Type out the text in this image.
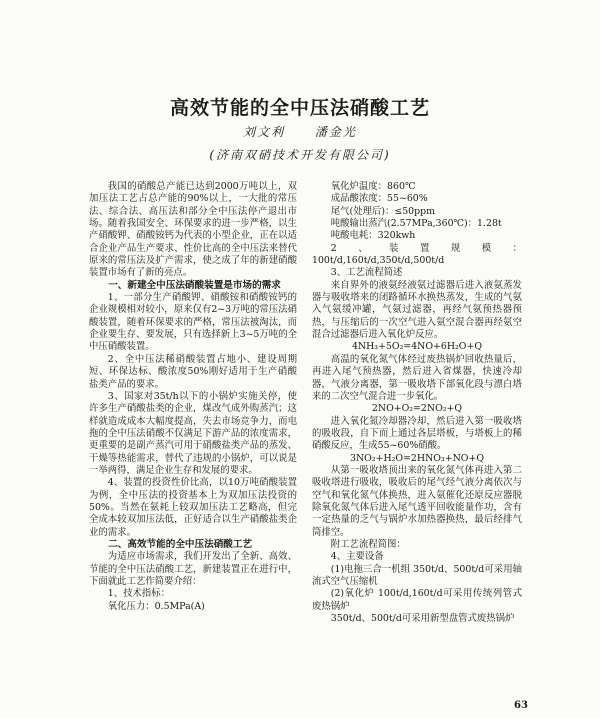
高效节能的全中压法硝酸工艺
刘文利 潘金光
(济南双硝技术开发有限公司)

我国的硝酸总产能已达到2000万吨以上，双加压法工艺占总产能的90%以上，一大批的常压法、综合法、高压法和部分全中压法停产退出市场。随着我国安全、环保要求的进一步严格，以生产硝酸钾、硝酸铵钙为代表的小型企业，正在以适合企业产品生产要求、性价比高的全中压法来替代原来的常压法及扩产需求，使之成了年的新建硝酸装置市场有了新的亮点。

一、新建全中压法硝酸装置是市场的需求

1、一部分生产硝酸钾、硝酸铵和硝酸铵钙的企业规模相对较小，原来仅有2~3万吨的常压法硝酸装置，随着环保要求的严格，常压法被淘汰，而企业要生存、要发展，只有选择新上3~5万吨的全中压硝酸装置。

2、全中压法稀硝酸装置占地小、建设周期短、环保达标、酸浓度50%刚好适用于生产硝酸盐类产品的要求。

3、国家对35t/h以下的小锅炉实施关停，使许多生产硝酸盐类的企业，煤改气成外购蒸汽；这样就造成成本大幅度提高，失去市场竞争力，而电拖的全中压法硝酸不仅满足下游产品的浓度需求，更重要的是副产蒸汽可用于硝酸盐类产品的蒸发、干燥等热能需求，替代了违规的小锅炉，可以说是一举两得，满足企业生存和发展的要求。

4、装置的投资性价比高，以10万吨硝酸装置为例，全中压法的投资基本上为双加压法投资的50%。当然在氨耗上较双加压法工艺略高，但完全成本较双加压法低，正好适合以生产硝酸盐类企业的需求。

二、高效节能的全中压法硝酸工艺

为适应市场需求，我们开发出了全新、高效、节能的全中压法硝酸工艺，新建装置正在进行中，下面就此工艺作简要介绍：

1、技术指标：

氧化压力：0.5MPa(A)

氧化炉温度：860℃

成品酸浓度：55~60%

尾气(处理后)：≤50ppm

吨酸输出蒸汽(2.57MPa,360℃)：1.28t

吨酸电耗：320kwh

2、装置规模：100t/d,160t/d,350t/d,500t/d

3、工艺流程简述

来自界外的液氨经液氨过滤器后进入液氨蒸发器与吸收塔来的闭路循环水换热蒸发，生成的气氨入气氨缓冲罐，气氨过滤器，再经气氨预热器预热，与压缩后的一次空气进入氨空混合器再经氨空混合过滤器后进入氧化炉反应。

4NH₃+5O₂=4NO+6H₂O+Q

高温的氧化氮气体经过废热锅炉回收热量后，再进入尾气预热器，然后进入省煤器，快速冷却器，气液分离器，第一吸收塔下部氧化段与漂白塔来的二次空气混合进一步氧化。

2NO+O₂=2NO₂+Q

进入氧化氮冷却器冷却，然后进入第一吸收塔的吸收段，自下而上通过各层塔板，与塔板上的稀硝酸反应，生成55~60%硝酸。

3NO₂+H₂O=2HNO₃+NO+Q

从第一吸收塔顶出来的氧化氮气体再进入第二吸收塔进行吸收，吸收后的尾气经气液分离依次与空气和氧化氮气体换热，进入氨催化还原反应器脱除氧化氮气体后进入尾气透平回收能量作功，含有一定热量的乏气与锅炉水加热器换热，最后经排气筒排空。

附工艺流程简图：

4、主要设备

(1)电拖三合一机组 350t/d、500t/d可采用轴流式空气压缩机

(2)氧化炉 100t/d,160t/d可采用传统列管式废热锅炉

350t/d、500t/d可采用新型盘管式废热锅炉

63
